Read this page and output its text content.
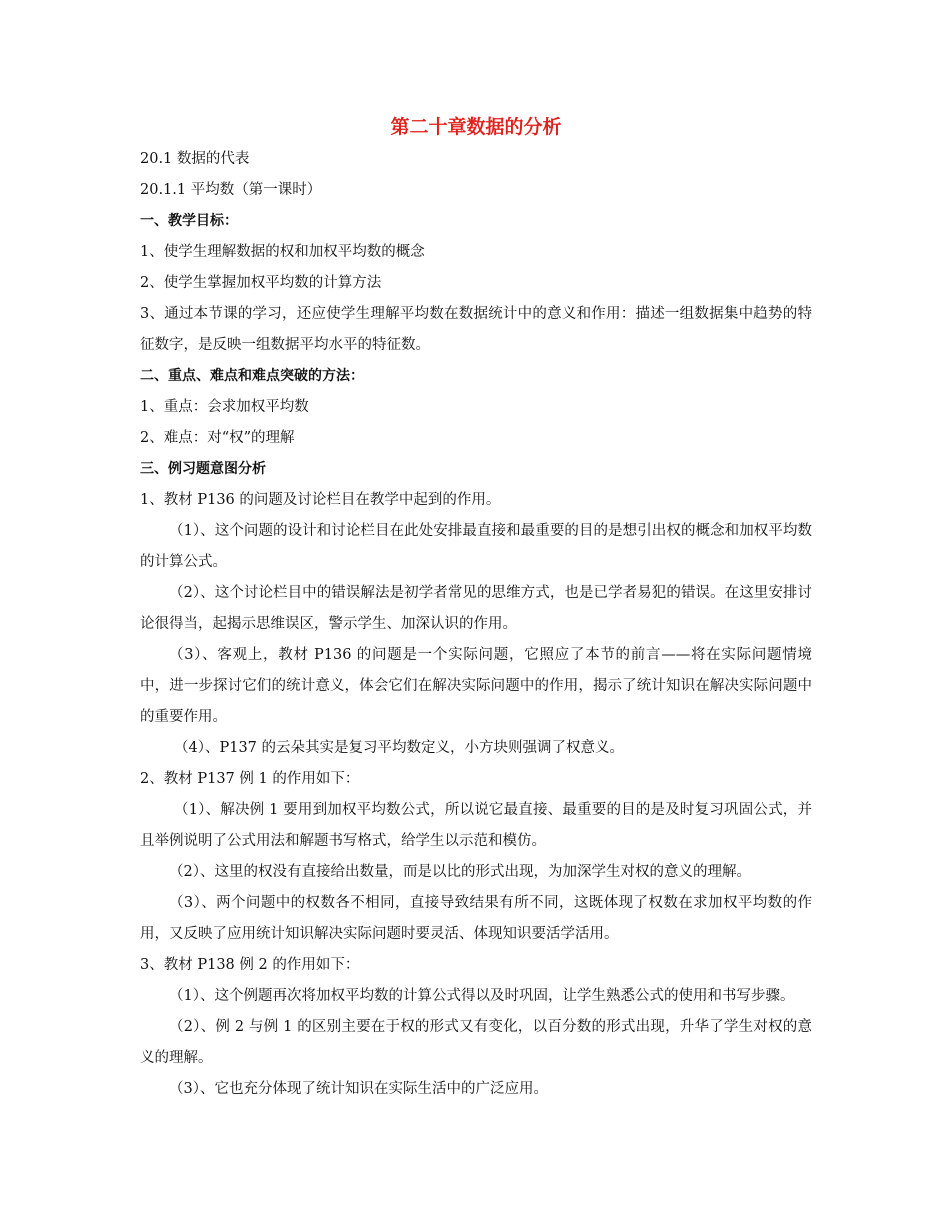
第二十章数据的分析

20.1 数据的代表

20.1.1 平均数（第一课时）

一、教学目标：

1、使学生理解数据的权和加权平均数的概念

2、使学生掌握加权平均数的计算方法

3、通过本节课的学习，还应使学生理解平均数在数据统计中的意义和作用：描述一组数据集中趋势的特征数字，是反映一组数据平均水平的特征数。

二、重点、难点和难点突破的方法：

1、重点：会求加权平均数

2、难点：对“权”的理解

三、例习题意图分析

1、教材 P136 的问题及讨论栏目在教学中起到的作用。

（1）、这个问题的设计和讨论栏目在此处安排最直接和最重要的目的是想引出权的概念和加权平均数的计算公式。

（2）、这个讨论栏目中的错误解法是初学者常见的思维方式，也是已学者易犯的错误。在这里安排讨论很得当，起揭示思维误区，警示学生、加深认识的作用。

（3）、客观上，教材 P136 的问题是一个实际问题，它照应了本节的前言——将在实际问题情境中，进一步探讨它们的统计意义，体会它们在解决实际问题中的作用，揭示了统计知识在解决实际问题中的重要作用。

（4）、P137 的云朵其实是复习平均数定义，小方块则强调了权意义。

2、教材 P137 例 1 的作用如下：

（1）、解决例 1 要用到加权平均数公式，所以说它最直接、最重要的目的是及时复习巩固公式，并且举例说明了公式用法和解题书写格式，给学生以示范和模仿。

（2）、这里的权没有直接给出数量，而是以比的形式出现，为加深学生对权的意义的理解。

（3）、两个问题中的权数各不相同，直接导致结果有所不同，这既体现了权数在求加权平均数的作用，又反映了应用统计知识解决实际问题时要灵活、体现知识要活学活用。

3、教材 P138 例 2 的作用如下：

（1）、这个例题再次将加权平均数的计算公式得以及时巩固，让学生熟悉公式的使用和书写步骤。

（2）、例 2 与例 1 的区别主要在于权的形式又有变化，以百分数的形式出现，升华了学生对权的意义的理解。

（3）、它也充分体现了统计知识在实际生活中的广泛应用。
